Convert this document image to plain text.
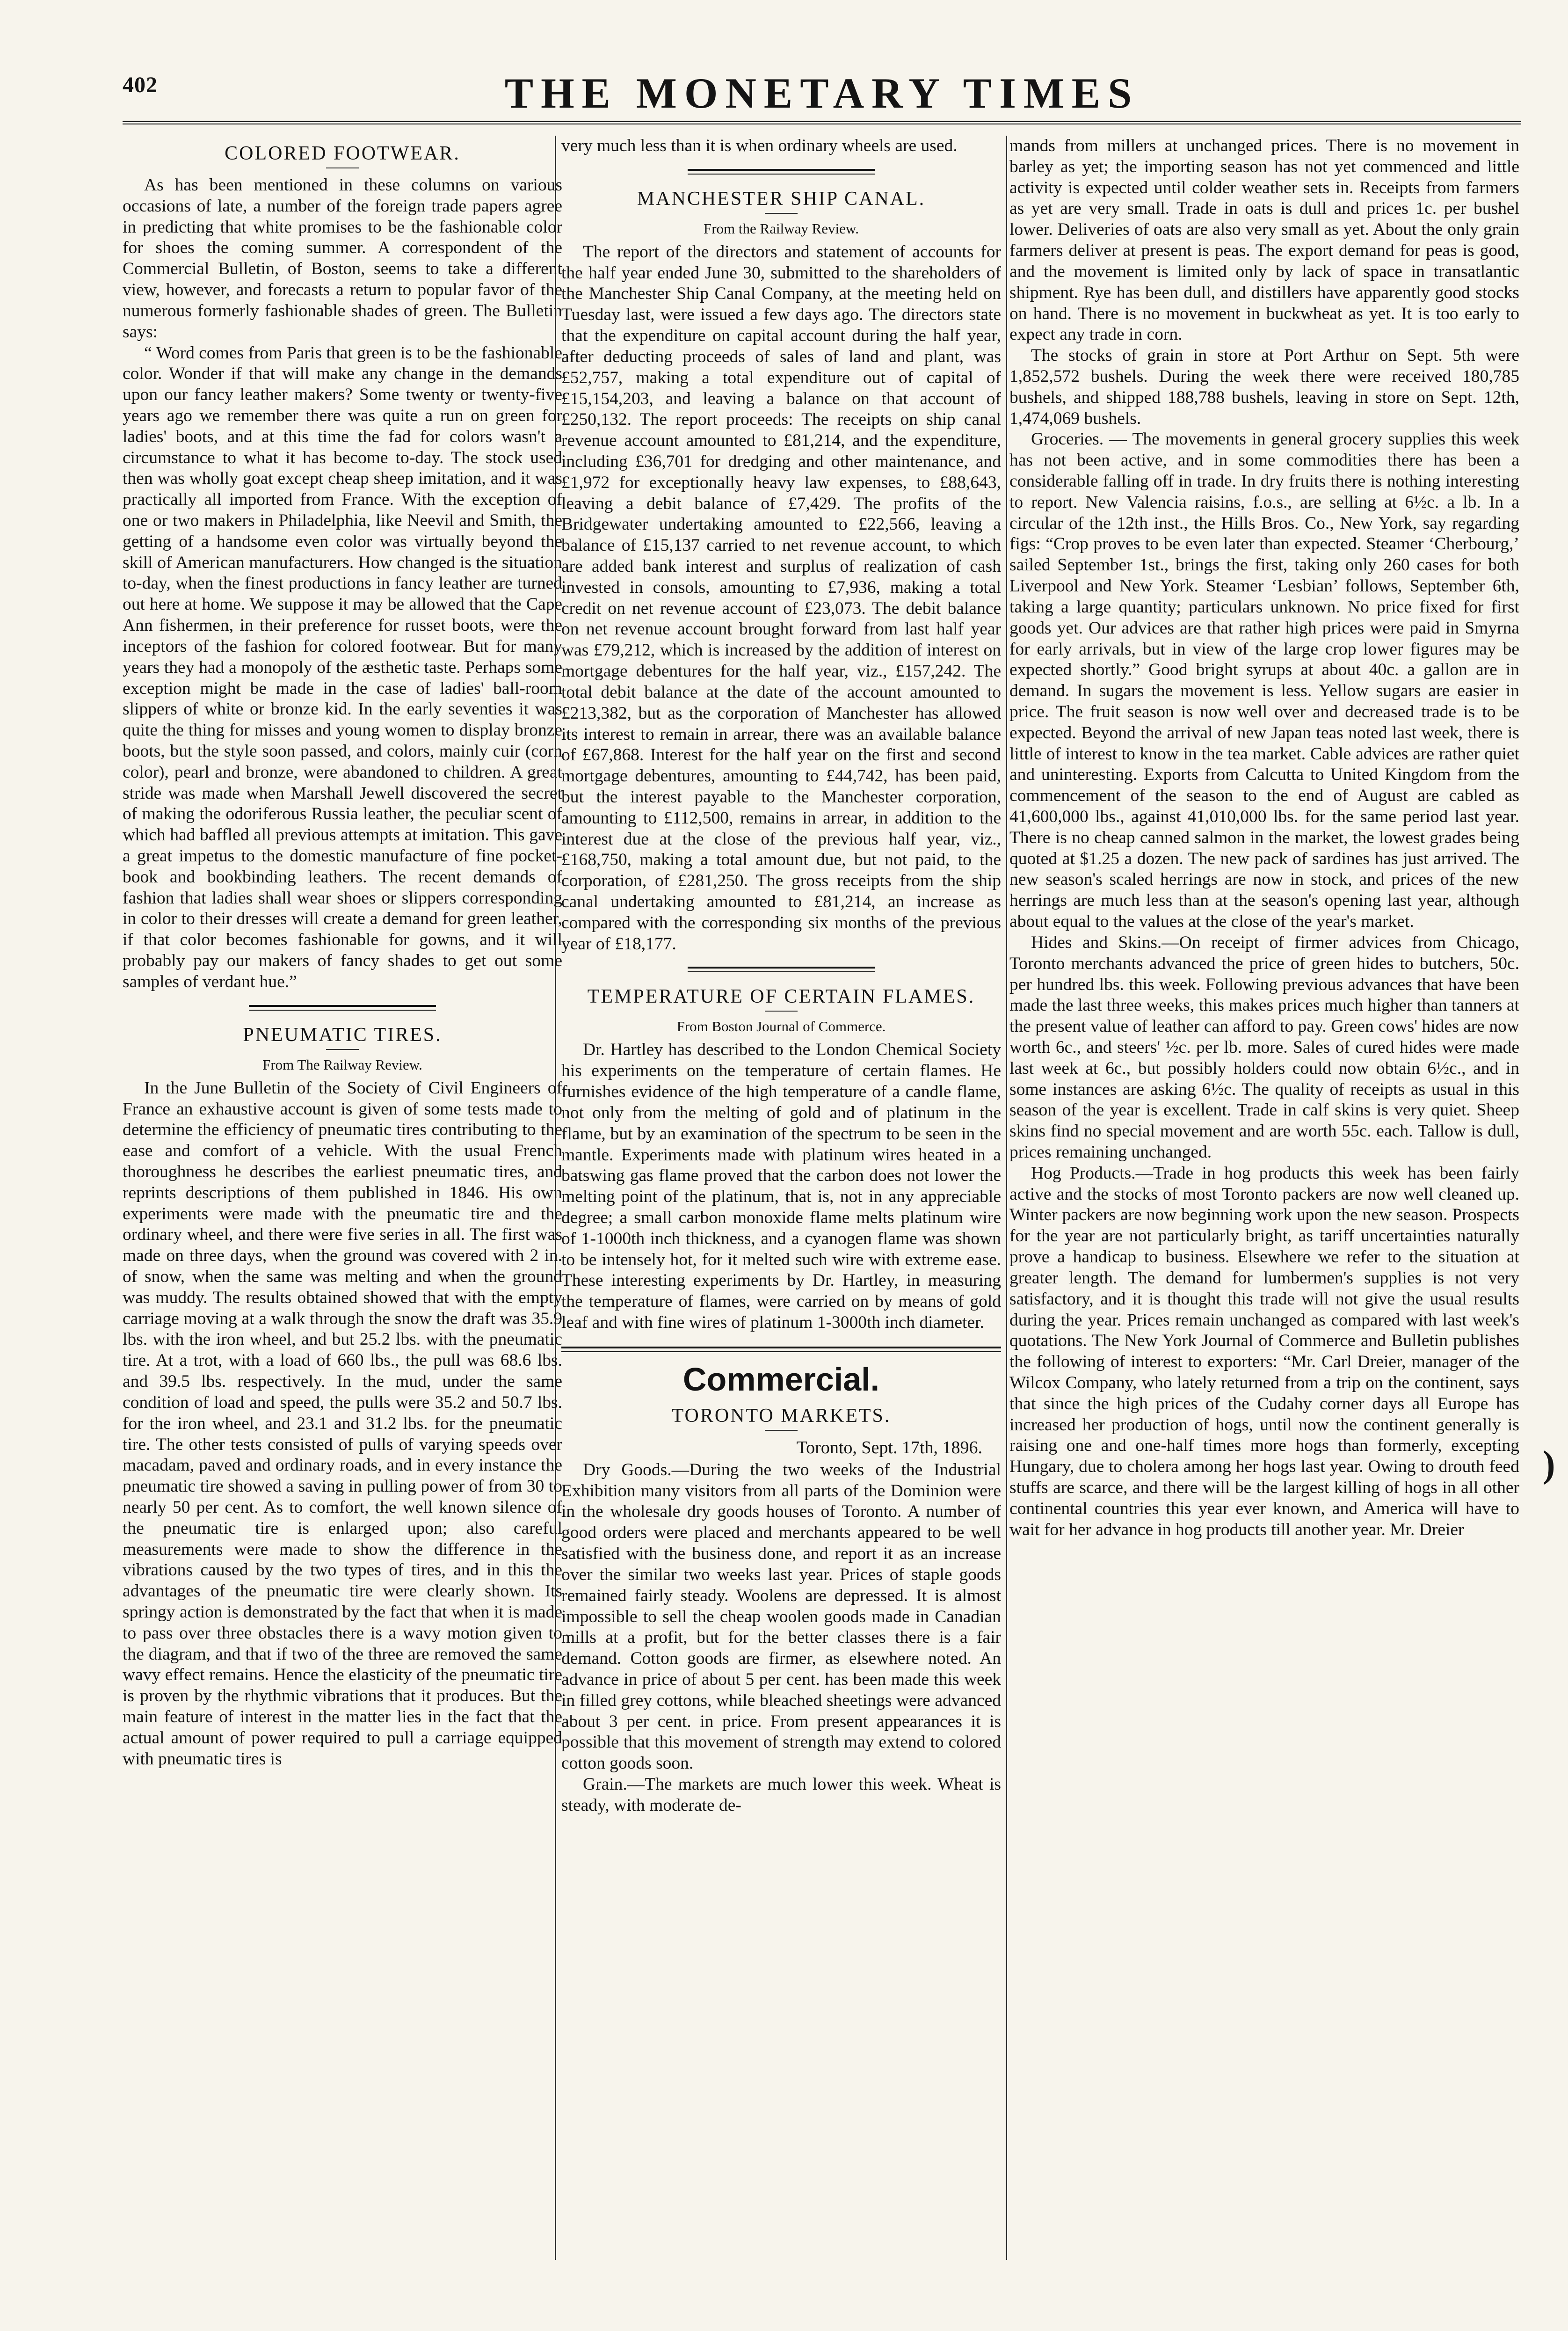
402	THE MONETARY TIMES
COLORED FOOTWEAR.

As has been mentioned in these columns on various occasions of late, a number of the foreign trade papers agree in predicting that white promises to be the fashionable color for shoes the coming summer. A correspondent of the Commercial Bulletin, of Boston, seems to take a different view, however, and forecasts a return to popular favor of the numerous formerly fashionable shades of green. The Bulletin says:

“ Word comes from Paris that green is to be the fashionable color. Wonder if that will make any change in the demands upon our fancy leather makers? Some twenty or twenty-five years ago we remember there was quite a run on green for ladies' boots, and at this time the fad for colors wasn't a circumstance to what it has become to-day. The stock used then was wholly goat except cheap sheep imitation, and it was practically all imported from France. With the exception of one or two makers in Philadelphia, like Neevil and Smith, the getting of a handsome even color was virtually beyond the skill of American manufacturers. How changed is the situation to-day, when the finest productions in fancy leather are turned out here at home. We suppose it may be allowed that the Cape Ann fishermen, in their preference for russet boots, were the inceptors of the fashion for colored footwear. But for many years they had a monopoly of the æsthetic taste. Perhaps some exception might be made in the case of ladies' ball-room slippers of white or bronze kid. In the early seventies it was quite the thing for misses and young women to display bronze boots, but the style soon passed, and colors, mainly cuir (corn color), pearl and bronze, were abandoned to children. A great stride was made when Marshall Jewell discovered the secret of making the odoriferous Russia leather, the peculiar scent of which had baffled all previous attempts at imitation. This gave a great impetus to the domestic manufacture of fine pocket-book and bookbinding leathers. The recent demands of fashion that ladies shall wear shoes or slippers corresponding in color to their dresses will create a demand for green leather, if that color becomes fashionable for gowns, and it will probably pay our makers of fancy shades to get out some samples of verdant hue.”

PNEUMATIC TIRES.
From The Railway Review.

In the June Bulletin of the Society of Civil Engineers of France an exhaustive account is given of some tests made to determine the efficiency of pneumatic tires contributing to the ease and comfort of a vehicle. With the usual French thoroughness he describes the earliest pneumatic tires, and reprints descriptions of them published in 1846. His own experiments were made with the pneumatic tire and the ordinary wheel, and there were five series in all. The first was made on three days, when the ground was covered with 2 in. of snow, when the same was melting and when the ground was muddy. The results obtained showed that with the empty carriage moving at a walk through the snow the draft was 35.9 lbs. with the iron wheel, and but 25.2 lbs. with the pneumatic tire. At a trot, with a load of 660 lbs., the pull was 68.6 lbs. and 39.5 lbs. respectively. In the mud, under the same condition of load and speed, the pulls were 35.2 and 50.7 lbs. for the iron wheel, and 23.1 and 31.2 lbs. for the pneumatic tire. The other tests consisted of pulls of varying speeds over macadam, paved and ordinary roads, and in every instance the pneumatic tire showed a saving in pulling power of from 30 to nearly 50 per cent. As to comfort, the well known silence of the pneumatic tire is enlarged upon; also careful measurements were made to show the difference in the vibrations caused by the two types of tires, and in this the advantages of the pneumatic tire were clearly shown. Its springy action is demonstrated by the fact that when it is made to pass over three obstacles there is a wavy motion given to the diagram, and that if two of the three are removed the same wavy effect remains. Hence the elasticity of the pneumatic tire is proven by the rhythmic vibrations that it produces. But the main feature of interest in the matter lies in the fact that the actual amount of power required to pull a carriage equipped with pneumatic tires is

very much less than it is when ordinary wheels are used.

MANCHESTER SHIP CANAL.
From the Railway Review.

The report of the directors and statement of accounts for the half year ended June 30, submitted to the shareholders of the Manchester Ship Canal Company, at the meeting held on Tuesday last, were issued a few days ago. The directors state that the expenditure on capital account during the half year, after deducting proceeds of sales of land and plant, was £52,757, making a total expenditure out of capital of £15,154,203, and leaving a balance on that account of £250,132. The report proceeds: The receipts on ship canal revenue account amounted to £81,214, and the expenditure, including £36,701 for dredging and other maintenance, and £1,972 for exceptionally heavy law expenses, to £88,643, leaving a debit balance of £7,429. The profits of the Bridgewater undertaking amounted to £22,566, leaving a balance of £15,137 carried to net revenue account, to which are added bank interest and surplus of realization of cash invested in consols, amounting to £7,936, making a total credit on net revenue account of £23,073. The debit balance on net revenue account brought forward from last half year was £79,212, which is increased by the addition of interest on mortgage debentures for the half year, viz., £157,242. The total debit balance at the date of the account amounted to £213,382, but as the corporation of Manchester has allowed its interest to remain in arrear, there was an available balance of £67,868. Interest for the half year on the first and second mortgage debentures, amounting to £44,742, has been paid, but the interest payable to the Manchester corporation, amounting to £112,500, remains in arrear, in addition to the interest due at the close of the previous half year, viz., £168,750, making a total amount due, but not paid, to the corporation, of £281,250. The gross receipts from the ship canal undertaking amounted to £81,214, an increase as compared with the corresponding six months of the previous year of £18,177.

TEMPERATURE OF CERTAIN FLAMES.
From Boston Journal of Commerce.

Dr. Hartley has described to the London Chemical Society his experiments on the temperature of certain flames. He furnishes evidence of the high temperature of a candle flame, not only from the melting of gold and of platinum in the flame, but by an examination of the spectrum to be seen in the mantle. Experiments made with platinum wires heated in a batswing gas flame proved that the carbon does not lower the melting point of the platinum, that is, not in any appreciable degree; a small carbon monoxide flame melts platinum wire of 1-1000th inch thickness, and a cyanogen flame was shown to be intensely hot, for it melted such wire with extreme ease. These interesting experiments by Dr. Hartley, in measuring the temperature of flames, were carried on by means of gold leaf and with fine wires of platinum 1-3000th inch diameter.

Commercial.
TORONTO MARKETS.
Toronto, Sept. 17th, 1896.

Dry Goods.—During the two weeks of the Industrial Exhibition many visitors from all parts of the Dominion were in the wholesale dry goods houses of Toronto. A number of good orders were placed and merchants appeared to be well satisfied with the business done, and report it as an increase over the similar two weeks last year. Prices of staple goods remained fairly steady. Woolens are depressed. It is almost impossible to sell the cheap woolen goods made in Canadian mills at a profit, but for the better classes there is a fair demand. Cotton goods are firmer, as elsewhere noted. An advance in price of about 5 per cent. has been made this week in filled grey cottons, while bleached sheetings were advanced about 3 per cent. in price. From present appearances it is possible that this movement of strength may extend to colored cotton goods soon.

Grain.—The markets are much lower this week. Wheat is steady, with moderate de-

mands from millers at unchanged prices. There is no movement in barley as yet; the importing season has not yet commenced and little activity is expected until colder weather sets in. Receipts from farmers as yet are very small. Trade in oats is dull and prices 1c. per bushel lower. Deliveries of oats are also very small as yet. About the only grain farmers deliver at present is peas. The export demand for peas is good, and the movement is limited only by lack of space in transatlantic shipment. Rye has been dull, and distillers have apparently good stocks on hand. There is no movement in buckwheat as yet. It is too early to expect any trade in corn.

The stocks of grain in store at Port Arthur on Sept. 5th were 1,852,572 bushels. During the week there were received 180,785 bushels, and shipped 188,788 bushels, leaving in store on Sept. 12th, 1,474,069 bushels.

Groceries. — The movements in general grocery supplies this week has not been active, and in some commodities there has been a considerable falling off in trade. In dry fruits there is nothing interesting to report. New Valencia raisins, f.o.s., are selling at 6½c. a lb. In a circular of the 12th inst., the Hills Bros. Co., New York, say regarding figs: “Crop proves to be even later than expected. Steamer ‘Cherbourg,’ sailed September 1st., brings the first, taking only 260 cases for both Liverpool and New York. Steamer ‘Lesbian’ follows, September 6th, taking a large quantity; particulars unknown. No price fixed for first goods yet. Our advices are that rather high prices were paid in Smyrna for early arrivals, but in view of the large crop lower figures may be expected shortly.” Good bright syrups at about 40c. a gallon are in demand. In sugars the movement is less. Yellow sugars are easier in price. The fruit season is now well over and decreased trade is to be expected. Beyond the arrival of new Japan teas noted last week, there is little of interest to know in the tea market. Cable advices are rather quiet and uninteresting. Exports from Calcutta to United Kingdom from the commencement of the season to the end of August are cabled as 41,600,000 lbs., against 41,010,000 lbs. for the same period last year. There is no cheap canned salmon in the market, the lowest grades being quoted at $1.25 a dozen. The new pack of sardines has just arrived. The new season's scaled herrings are now in stock, and prices of the new herrings are much less than at the season's opening last year, although about equal to the values at the close of the year's market.

Hides and Skins.—On receipt of firmer advices from Chicago, Toronto merchants advanced the price of green hides to butchers, 50c. per hundred lbs. this week. Following previous advances that have been made the last three weeks, this makes prices much higher than tanners at the present value of leather can afford to pay. Green cows' hides are now worth 6c., and steers' ½c. per lb. more. Sales of cured hides were made last week at 6c., but possibly holders could now obtain 6½c., and in some instances are asking 6½c. The quality of receipts as usual in this season of the year is excellent. Trade in calf skins is very quiet. Sheep skins find no special movement and are worth 55c. each. Tallow is dull, prices remaining unchanged.

Hog Products.—Trade in hog products this week has been fairly active and the stocks of most Toronto packers are now well cleaned up. Winter packers are now beginning work upon the new season. Prospects for the year are not particularly bright, as tariff uncertainties naturally prove a handicap to business. Elsewhere we refer to the situation at greater length. The demand for lumbermen's supplies is not very satisfactory, and it is thought this trade will not give the usual results during the year. Prices remain unchanged as compared with last week's quotations. The New York Journal of Commerce and Bulletin publishes the following of interest to exporters: “Mr. Carl Dreier, manager of the Wilcox Company, who lately returned from a trip on the continent, says that since the high prices of the Cudahy corner days all Europe has increased her production of hogs, until now the continent generally is raising one and one-half times more hogs than formerly, excepting Hungary, due to cholera among her hogs last year. Owing to drouth feed stuffs are scarce, and there will be the largest killing of hogs in all other continental countries this year ever known, and America will have to wait for her advance in hog products till another year. Mr. Dreier

)
